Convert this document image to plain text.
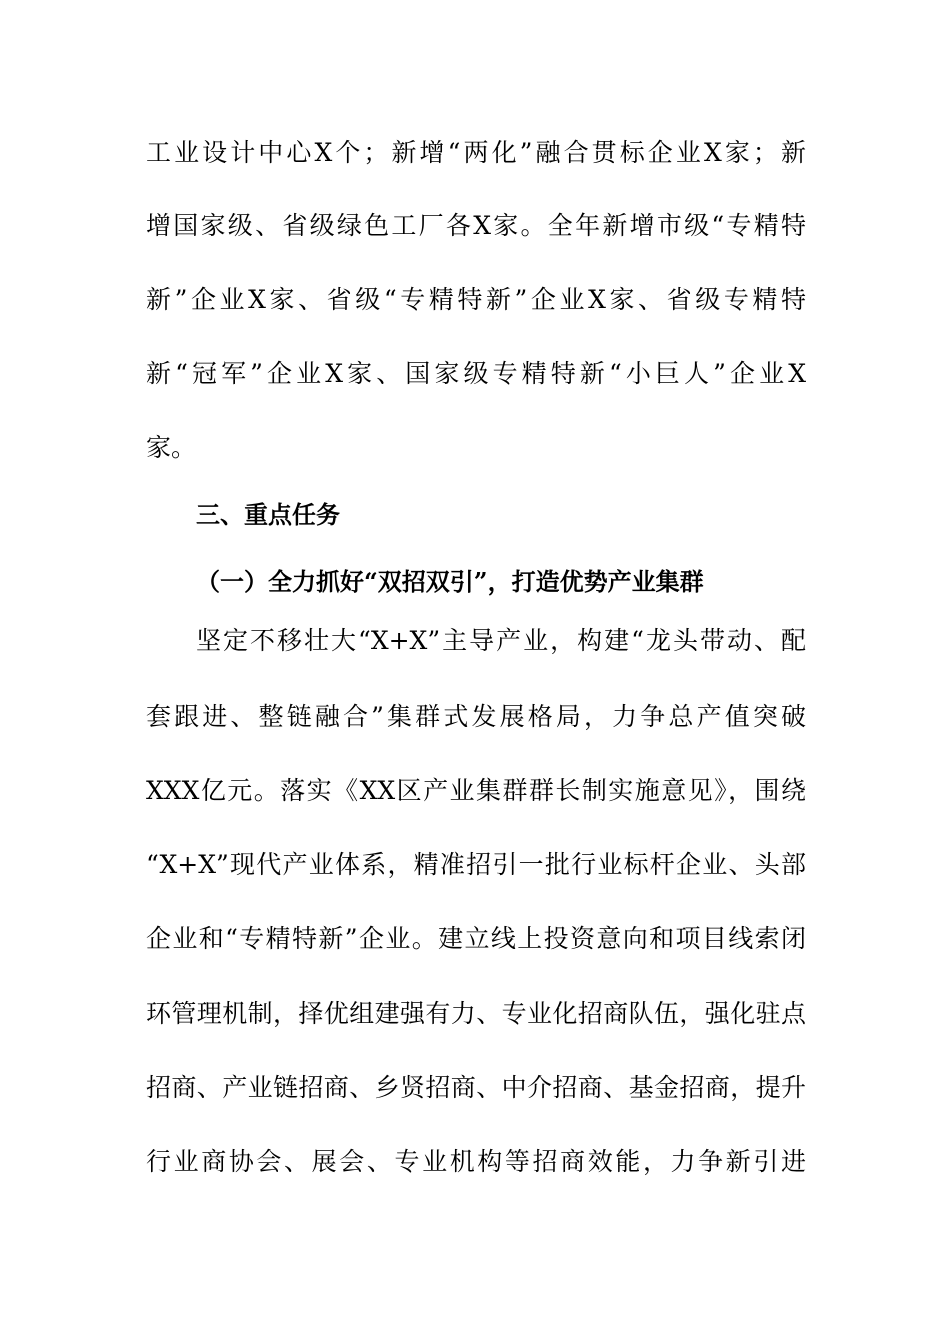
工业设计中心X个；新增“两化”融合贯标企业X家；新
增国家级、省级绿色工厂各X家。全年新增市级“专精特
新”企业X家、省级“专精特新”企业X家、省级专精特
新“冠军”企业X家、国家级专精特新“小巨人”企业X
家。
三、重点任务
（一）全力抓好“双招双引”，打造优势产业集群
坚定不移壮大“X+X”主导产业，构建“龙头带动、配
套跟进、整链融合”集群式发展格局，力争总产值突破
XXX亿元。落实《XX区产业集群群长制实施意见》，围绕
“X+X”现代产业体系，精准招引一批行业标杆企业、头部
企业和“专精特新”企业。建立线上投资意向和项目线索闭
环管理机制，择优组建强有力、专业化招商队伍，强化驻点
招商、产业链招商、乡贤招商、中介招商、基金招商，提升
行业商协会、展会、专业机构等招商效能，力争新引进
